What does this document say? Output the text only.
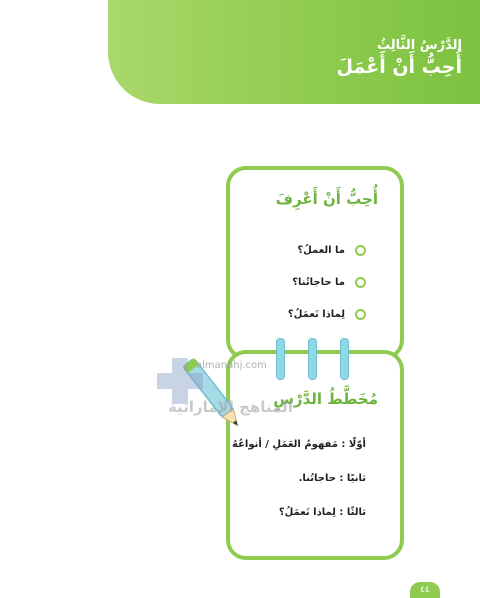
الدَّرْسُ الثَّالِثُ
أُحِبُّ أَنْ أَعْمَلَ
أُحِبُّ أَنْ أَعْرِفَ
ما العملُ؟
ما حاجاتُنا؟
لِماذا نَعمَلُ؟
مُخَطَّطُ الدَّرْسِ
أوّلًا : مَفهومُ العَمَلِ / أنواعُهُ
ثانيًا : حاجاتُنا.
ثالثًا : لِماذا نَعمَلُ؟
almanahj.com
المناهج الإماراتية
٤٤
